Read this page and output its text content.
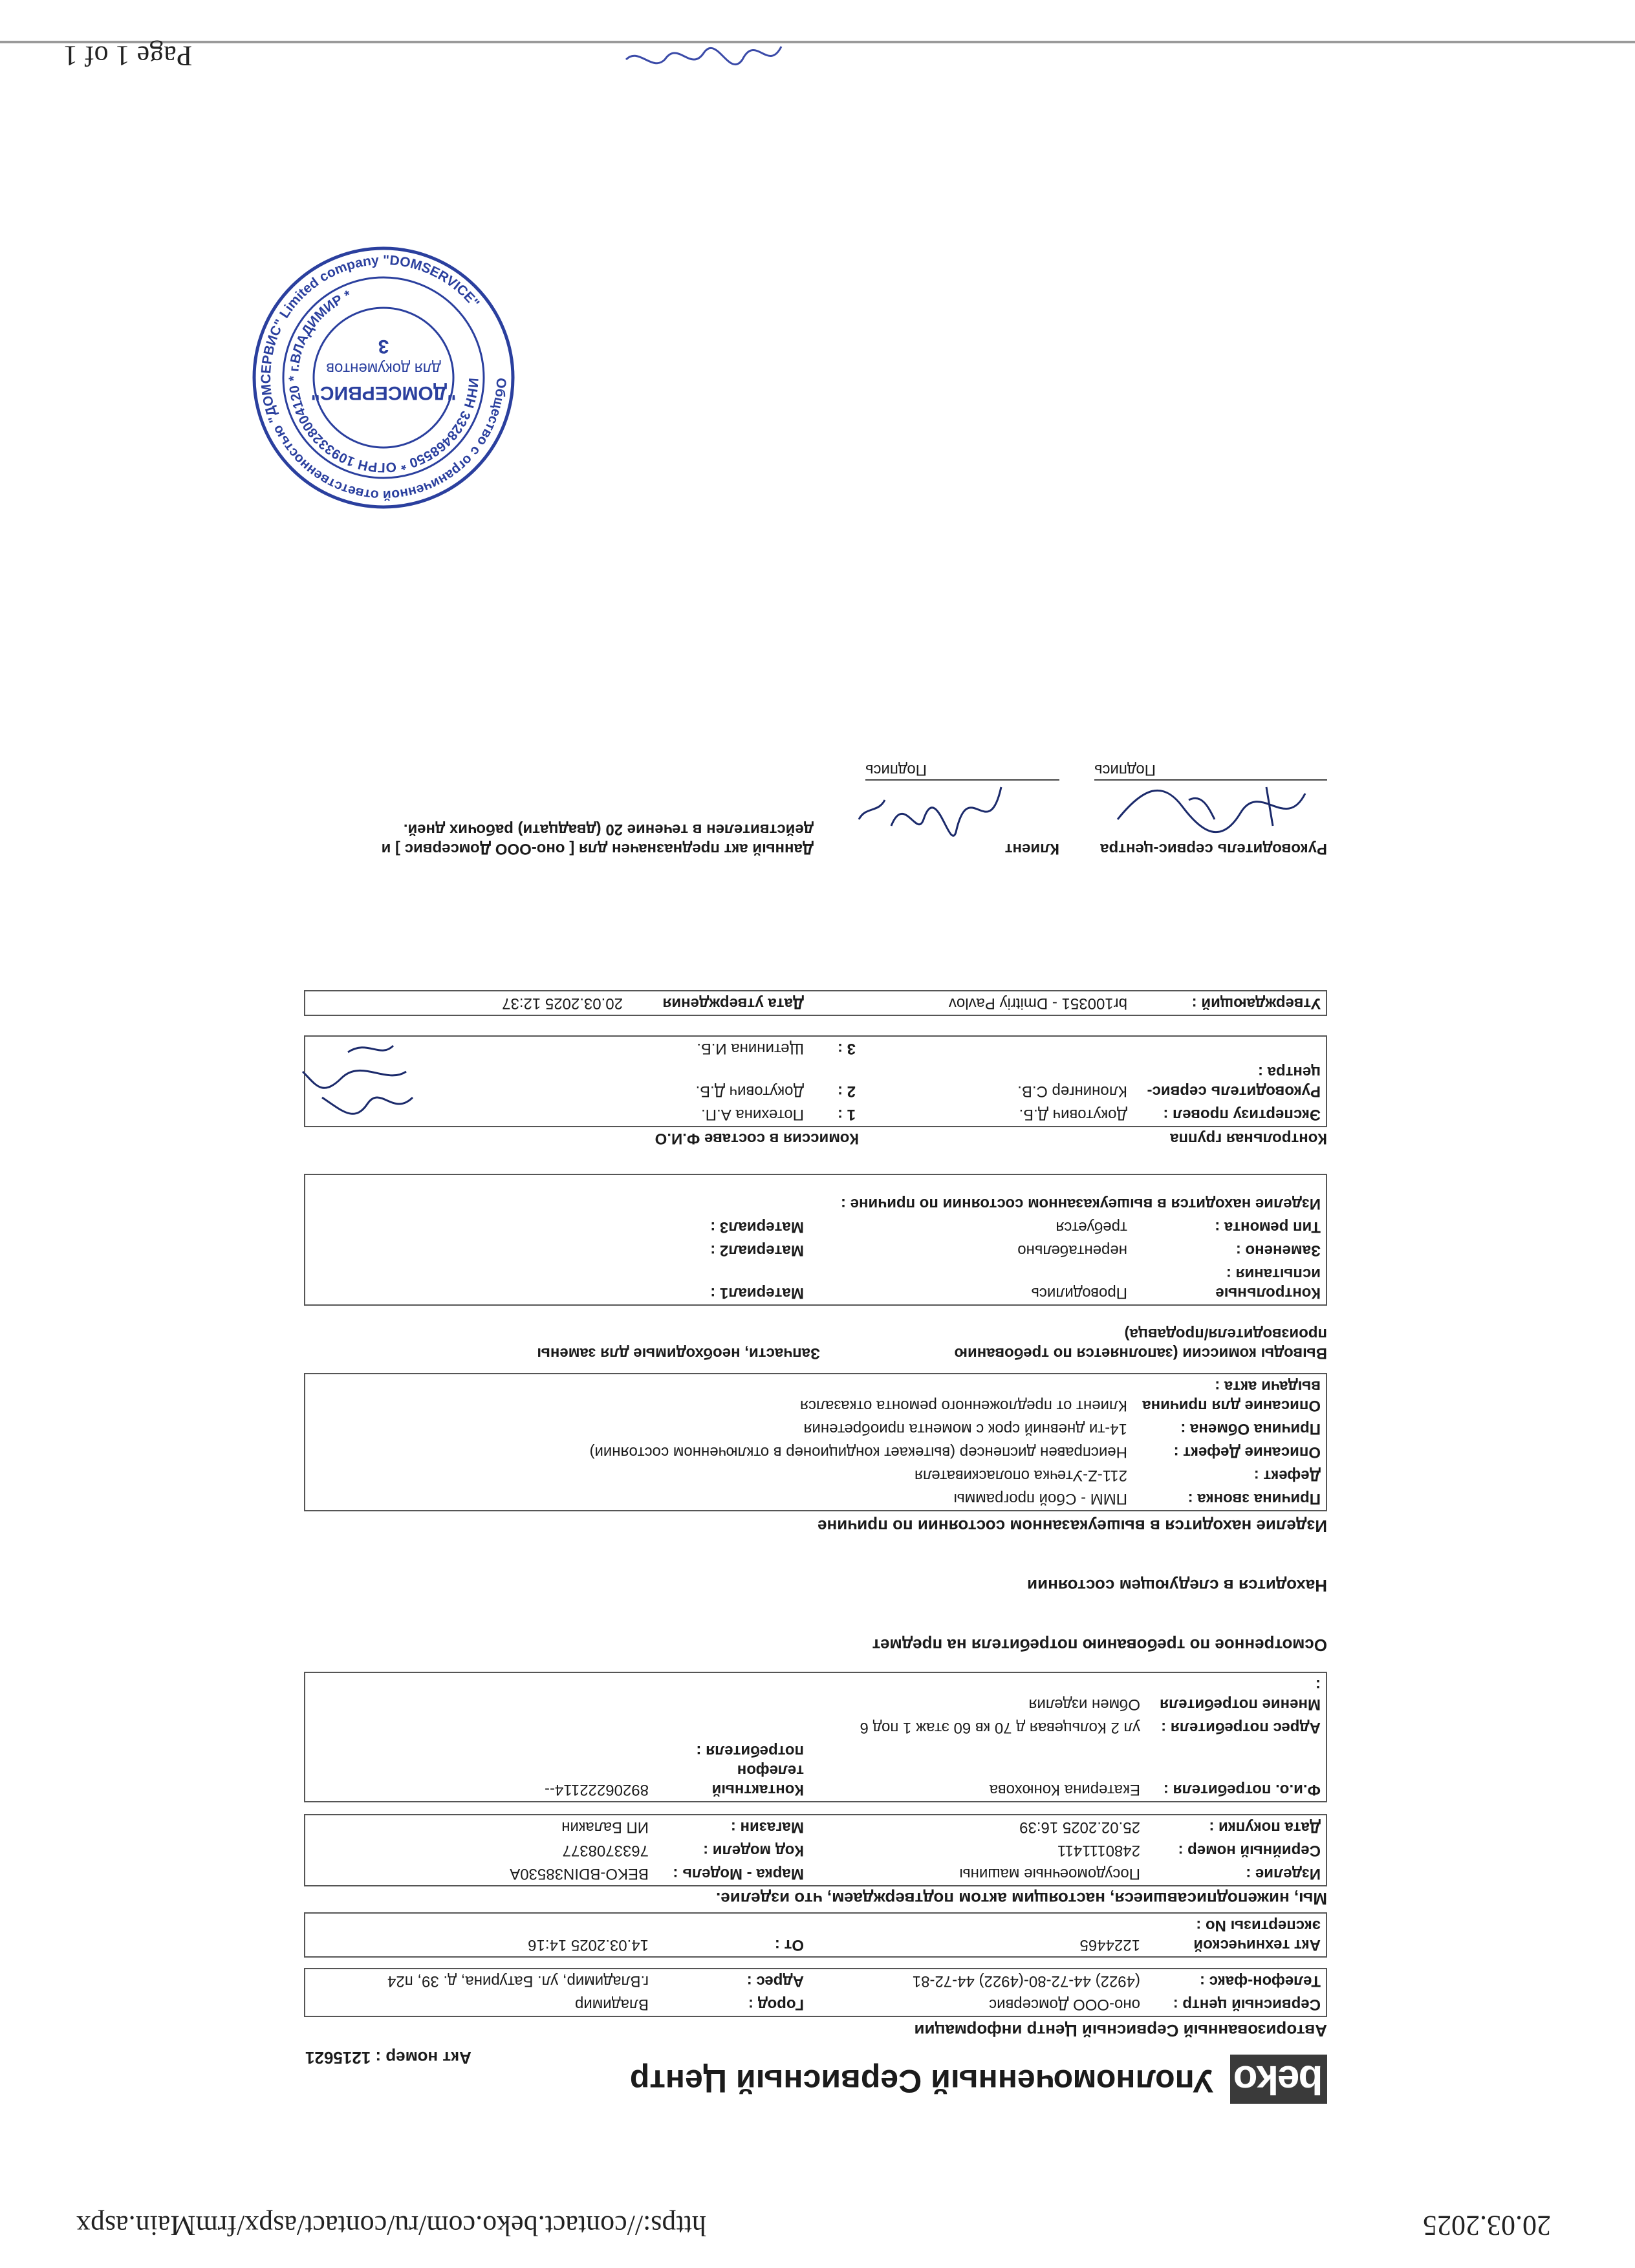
20.03.2025
https://contact.beko.com/ru/contact/aspx/frmMain.aspx
beko
Уполномоченный Сервисный Центр
Акт номер : 1215621
Авторизованный Сервисный Центр информации
Сервисный центр :	оно-ООО Домсервис	Город :	Владимир
Телефон-факс :	(4922) 44-72-80-(4922) 44-72-81	Адрес :	г.Владимир, ул. Батурина, д. 39, п24
Акт технической экспертизы No :	1224465	От :	14.03.2025 14:16
Мы, нижеподписавшиеся, настоящим актом подтверждаем, что изделие.
Изделие :	Посудомоечные машины	Марка - Модель :	BEKO-BDIN38530A
Серийный номер :	2480111411	Код модели :	7633708377
Дата покупки :	25.02.2025 16:39	Магазин :	ИП Балакин
Ф.и.о. потребителя :	Екатерина Конюхова	Контактный телефон потребителя :	89206222114--
Адрес потребителя :	ул 2 Кольцевая д 70 кв 60 этаж 1 под 6		
Мнение потребителя :	Обмен изделия		
Осмотренное по требованию потребителя на предмет
Находится в следующем состоянии
Изделие находится в вышеуказанном состоянии по причине
Причина звонка :	ПММ - Сбой программы
Дефект :	211-Z-Утечка ополаскивателя
Описание Дефект :	Неисправен диспенсер (вытекает кондиционер в отключенном состоянии)
Причина Обмена :	14-ти дневний срок с момента приобретения
Описание для причина выдачи акта :	Клиент от предложенного ремонта отказался
Выводы комиссии (заполняется по требованию производителя/продавца)
Запчасти, необходимые для замены
Контрольные испытания :	Проводились	Материал1 :	
Заменено :	нерентабельно	Материал2 :	
Тип ремонта :	требуется	Материал3 :	
Изделие находится в вышеуказанном состоянии по причине :			
Контрольная группа
Комиссия в составе Ф.И.О
Экспертизу провел :	Докутович Д.Б.	1 :	Потехина А.П.
Руководитель сервис-центра :	Клонингер С.В.	2 :	Докутович Д.Б.
		3 :	Щетинина И.Б.
Утверждающий :	br100351 - Dmitriy Pavlov	Дата утверждения	20.03.2025 12:37
Руководитель сервис-центра
Клиент
Данный акт предназначен для [ оно-ООО Домсервис ] и действителен в течение 20 (двадцати) рабочих дней.
Подпись
Подпись
Общество с ограниченной ответственностью "ДОМСЕРВИС" Limited company "DOMSERVICE"
ИНН 3328468550 * ОГРН 1093328004120 * г.ВЛАДИМИР *
"ДОМСЕРВИС"
для документов
3
Page 1 of 1
